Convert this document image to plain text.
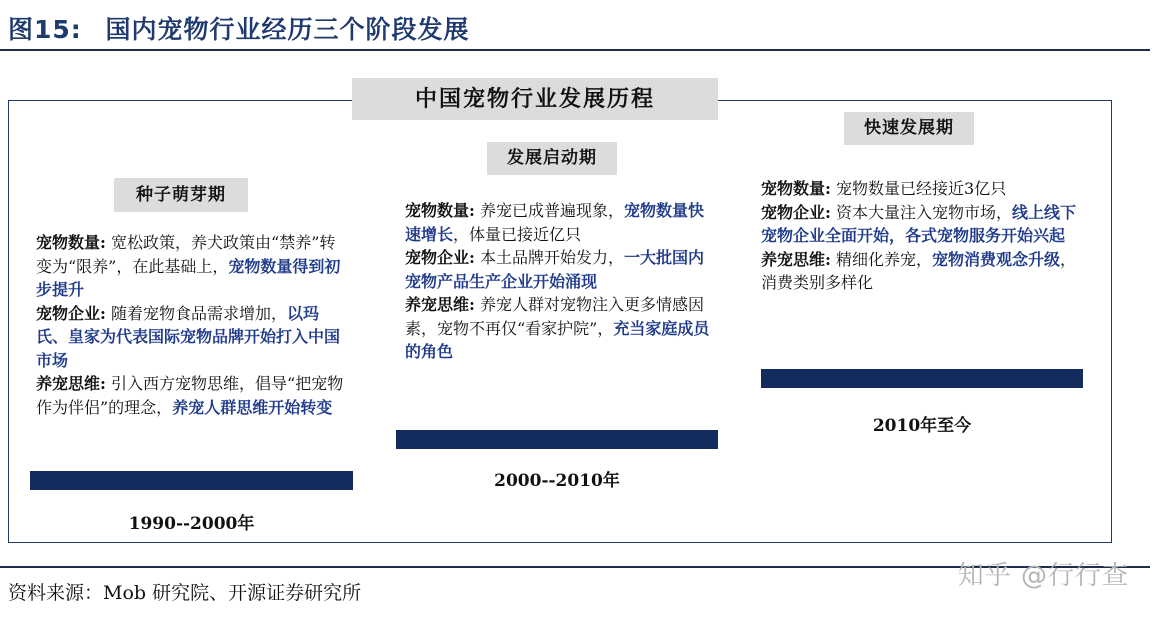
图15: 国内宠物行业经历三个阶段发展
中国宠物行业发展历程
种子萌芽期

宠物数量: 宽松政策，养犬政策由“禁养”转变为“限养”，在此基础上，宠物数量得到初步提升

宠物企业: 随着宠物食品需求增加，以玛氏、皇家为代表国际宠物品牌开始打入中国市场

养宠思维: 引入西方宠物思维，倡导“把宠物作为伴侣”的理念，养宠人群思维开始转变

1990--2000年
发展启动期

宠物数量: 养宠已成普遍现象，宠物数量快速增长，体量已接近亿只

宠物企业: 本土品牌开始发力，一大批国内宠物产品生产企业开始涌现

养宠思维: 养宠人群对宠物注入更多情感因素，宠物不再仅“看家护院”，充当家庭成员的角色

2000--2010年
快速发展期

宠物数量: 宠物数量已经接近3亿只

宠物企业: 资本大量注入宠物市场，线上线下宠物企业全面开始，各式宠物服务开始兴起

养宠思维: 精细化养宠，宠物消费观念升级，消费类别多样化

2010年至今
资料来源：Mob 研究院、开源证券研究所
知乎 @行行查
